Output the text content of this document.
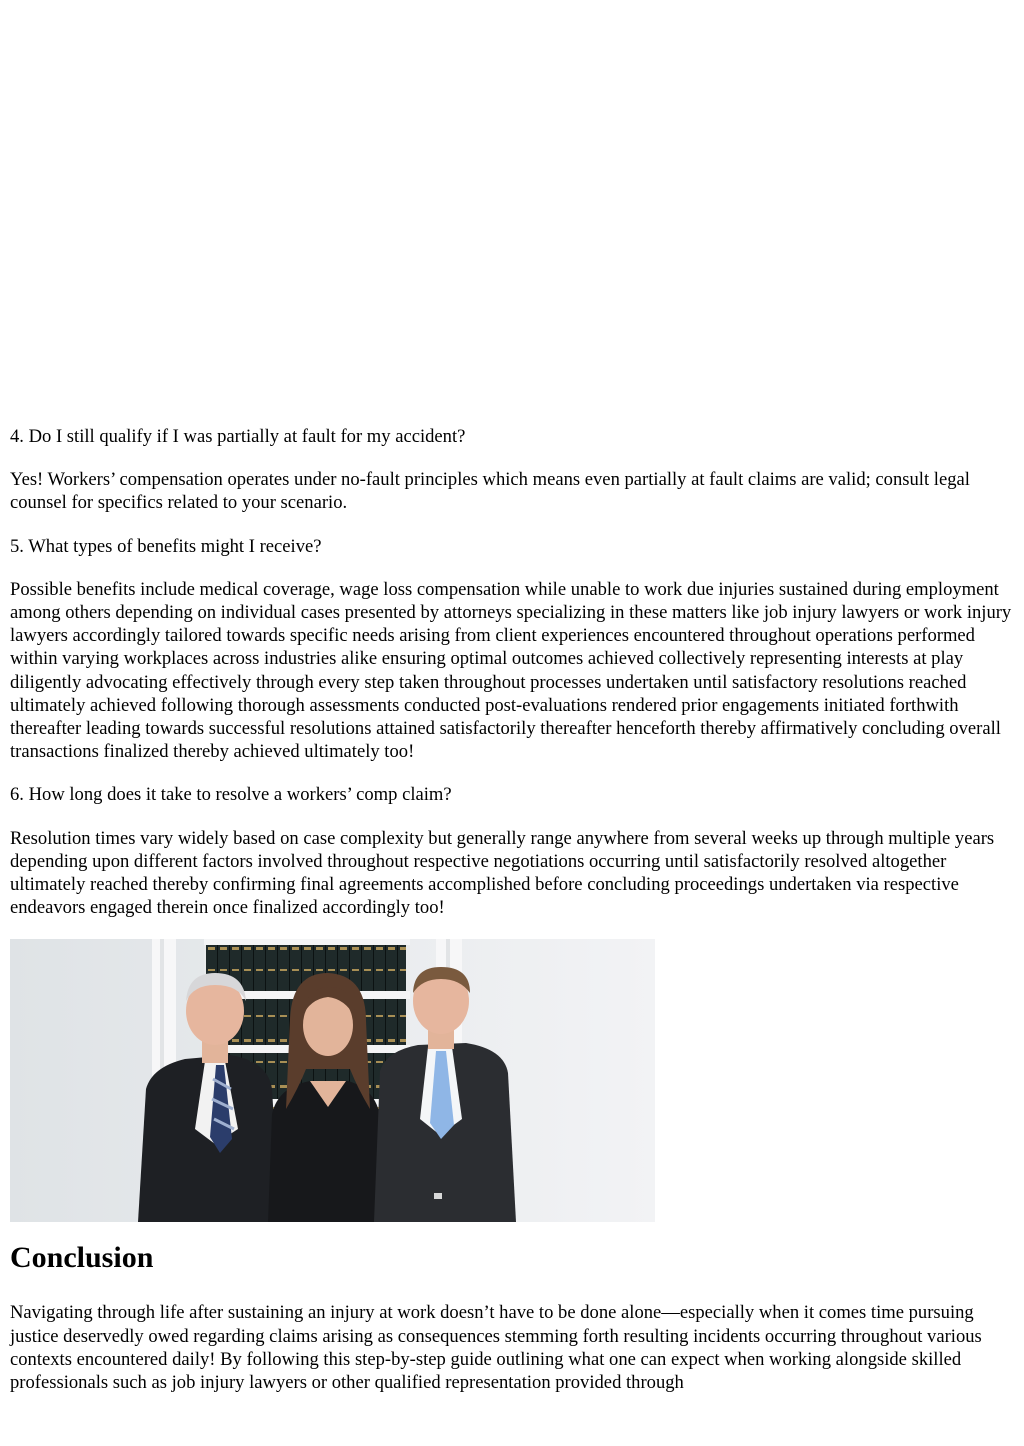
4. Do I still qualify if I was partially at fault for my accident?

Yes! Workers’ compensation operates under no-fault principles which means even partially at fault claims are valid; consult legal counsel for specifics related to your scenario.

5. What types of benefits might I receive?

Possible benefits include medical coverage, wage loss compensation while unable to work due injuries sustained during employment among others depending on individual cases presented by attorneys specializing in these matters like job injury lawyers or work injury lawyers accordingly tailored towards specific needs arising from client experiences encountered throughout operations performed within varying workplaces across industries alike ensuring optimal outcomes achieved collectively representing interests at play diligently advocating effectively through every step taken throughout processes undertaken until satisfactory resolutions reached ultimately achieved following thorough assessments conducted post-evaluations rendered prior engagements initiated forthwith thereafter leading towards successful resolutions attained satisfactorily thereafter henceforth thereby affirmatively concluding overall transactions finalized thereby achieved ultimately too!

6. How long does it take to resolve a workers’ comp claim?

Resolution times vary widely based on case complexity but generally range anywhere from several weeks up through multiple years depending upon different factors involved throughout respective negotiations occurring until satisfactorily resolved altogether ultimately reached thereby confirming final agreements accomplished before concluding proceedings undertaken via respective endeavors engaged therein once finalized accordingly too!

Conclusion

Navigating through life after sustaining an injury at work doesn’t have to be done alone—especially when it comes time pursuing justice deservedly owed regarding claims arising as consequences stemming forth resulting incidents occurring throughout various contexts encountered daily! By following this step-by-step guide outlining what one can expect when working alongside skilled professionals such as job injury lawyers or other qualified representation provided through
